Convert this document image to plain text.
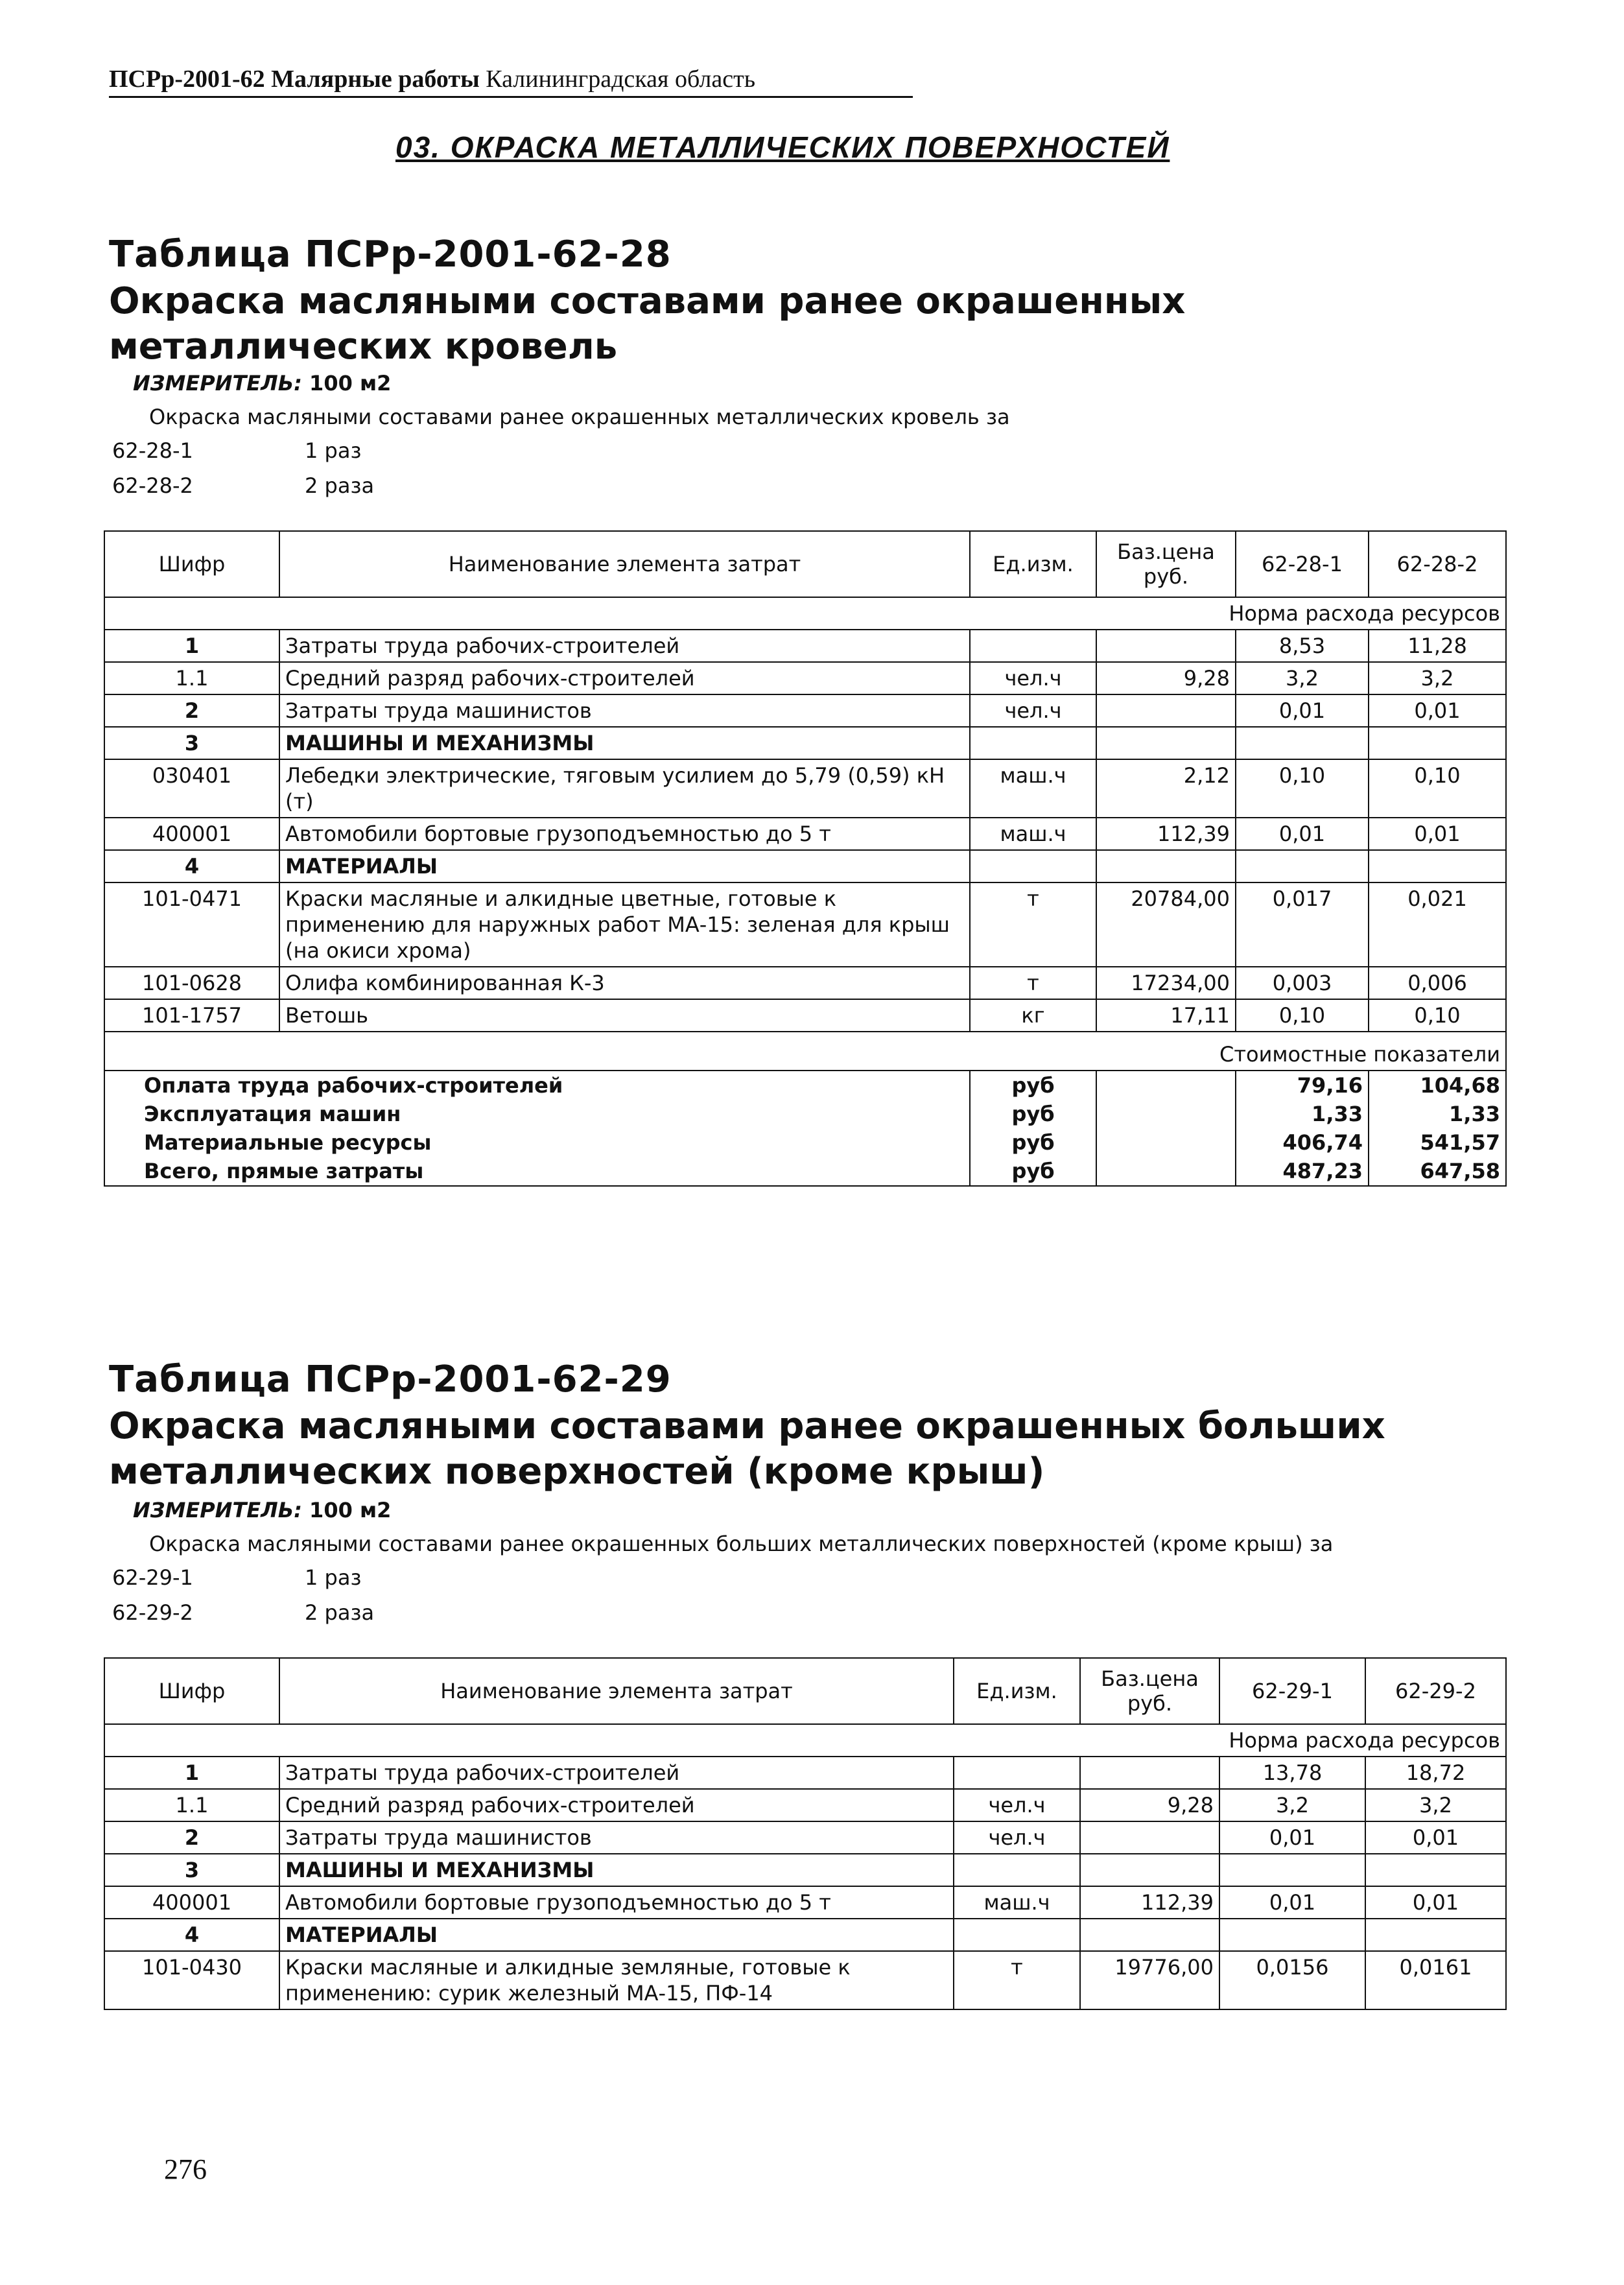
ПСРр-2001-62 Малярные работы Калининградская область
03. ОКРАСКА МЕТАЛЛИЧЕСКИХ ПОВЕРХНОСТЕЙ
Таблица ПСРр-2001-62-28
Окраска масляными составами ранее окрашенных металлических кровель
ИЗМЕРИТЕЛЬ: 100 м2
Окраска масляными составами ранее окрашенных металлических кровель за
62-28-1	1 раз
62-28-2	2 раза
Шифр	Наименование элемента затрат	Ед.изм.	Баз.цена руб.	62-28-1	62-28-2
Норма расхода ресурсов					
1	Затраты труда рабочих-строителей			8,53	11,28
1.1	Средний разряд рабочих-строителей	чел.ч	9,28	3,2	3,2
2	Затраты труда машинистов	чел.ч		0,01	0,01
3	МАШИНЫ И МЕХАНИЗМЫ				
030401	Лебедки электрические, тяговым усилием до 5,79 (0,59) кН (т)	маш.ч	2,12	0,10	0,10
400001	Автомобили бортовые грузоподъемностью до 5 т	маш.ч	112,39	0,01	0,01
4	МАТЕРИАЛЫ				
101-0471	Краски масляные и алкидные цветные, готовые к применению для наружных работ МА-15: зеленая для крыш (на окиси хрома)	т	20784,00	0,017	0,021
101-0628	Олифа комбинированная К-3	т	17234,00	0,003	0,006
101-1757	Ветошь	кг	17,11	0,10	0,10
Стоимостные показатели					
Оплата труда рабочих-строителей		руб		79,16	104,68
Эксплуатация машин		руб		1,33	1,33
Материальные ресурсы		руб		406,74	541,57
Всего, прямые затраты		руб		487,23	647,58
Таблица ПСРр-2001-62-29
Окраска масляными составами ранее окрашенных больших металлических поверхностей (кроме крыш)
ИЗМЕРИТЕЛЬ: 100 м2
Окраска масляными составами ранее окрашенных больших металлических поверхностей (кроме крыш) за
62-29-1	1 раз
62-29-2	2 раза
Шифр	Наименование элемента затрат	Ед.изм.	Баз.цена руб.	62-29-1	62-29-2
Норма расхода ресурсов					
1	Затраты труда рабочих-строителей			13,78	18,72
1.1	Средний разряд рабочих-строителей	чел.ч	9,28	3,2	3,2
2	Затраты труда машинистов	чел.ч		0,01	0,01
3	МАШИНЫ И МЕХАНИЗМЫ				
400001	Автомобили бортовые грузоподъемностью до 5 т	маш.ч	112,39	0,01	0,01
4	МАТЕРИАЛЫ				
101-0430	Краски масляные и алкидные земляные, готовые к применению: сурик железный МА-15, ПФ-14	т	19776,00	0,0156	0,0161
276
